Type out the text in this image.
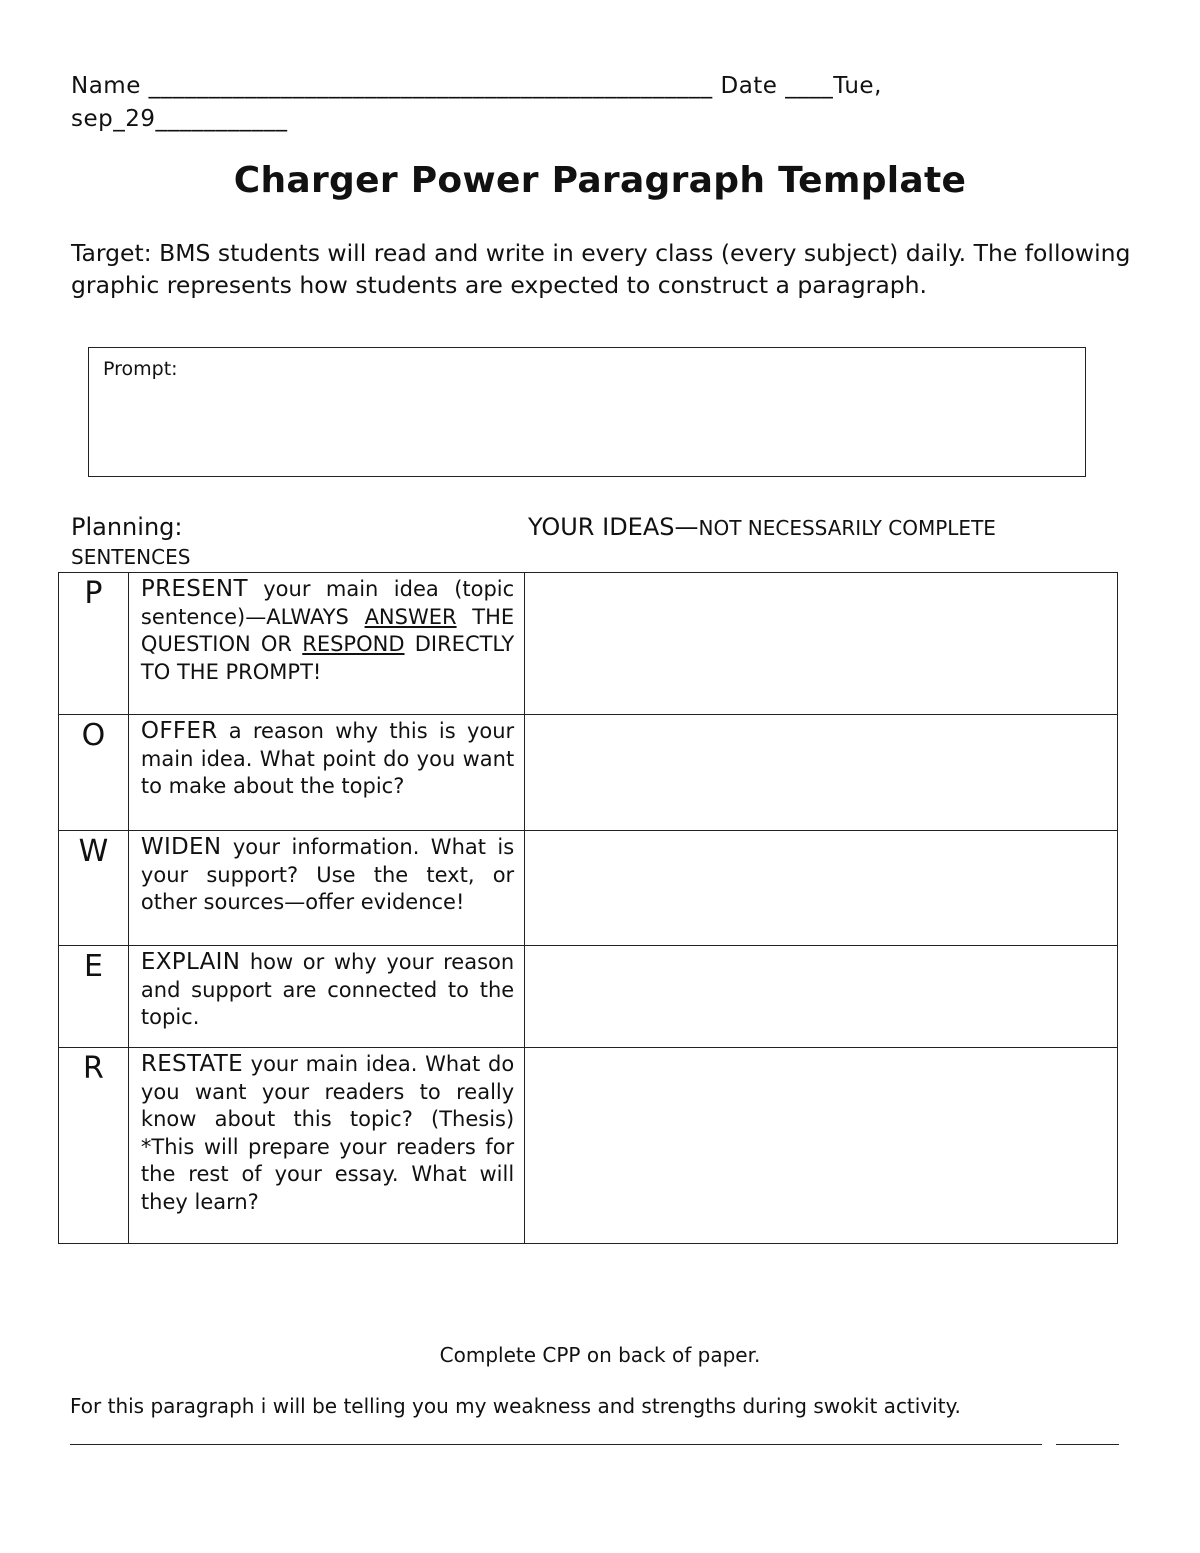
Name _______________________________________________ Date ____Tue,
sep_29___________
Charger Power Paragraph Template
Target: BMS students will read and write in every class (every subject) daily. The following graphic represents how students are expected to construct a paragraph.
Prompt:
Planning:	YOUR IDEAS—NOT NECESSARILY COMPLETE
SENTENCES
P	PRESENT your main idea (topic sentence)—ALWAYS ANSWER THE QUESTION OR RESPOND DIRECTLY TO THE PROMPT!	
O	OFFER a reason why this is your main idea. What point do you want to make about the topic?	
W	WIDEN your information. What is your support? Use the text, or other sources—offer evidence!	
E	EXPLAIN how or why your reason and support are connected to the topic.	
R	RESTATE your main idea. What do you want your readers to really know about this topic? (Thesis) *This will prepare your readers for the rest of your essay. What will they learn?	
Complete CPP on back of paper.
For this paragraph i will be telling you my weakness and strengths during swokit activity.
